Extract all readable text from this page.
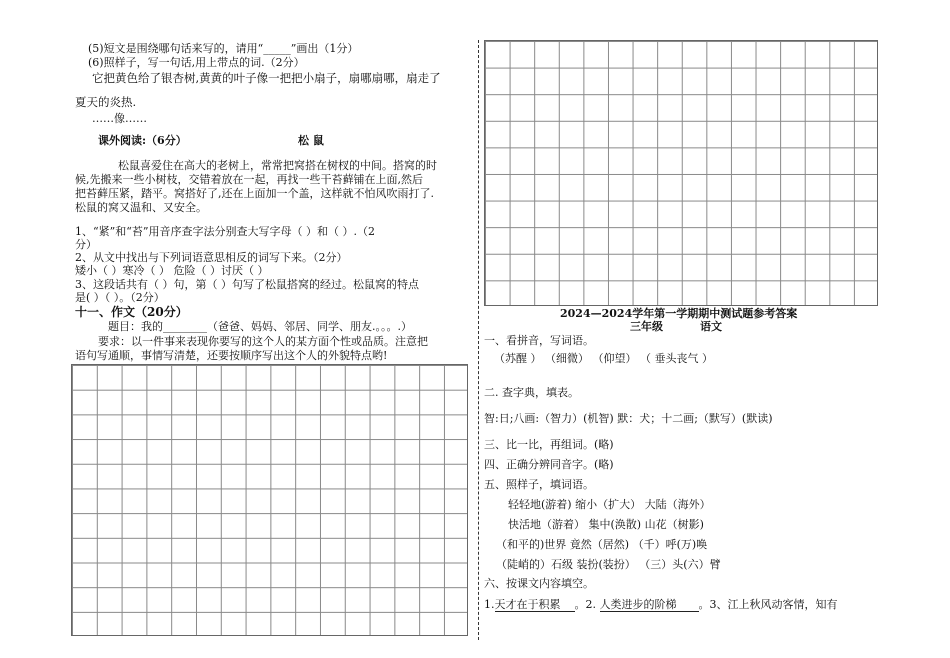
(5)短文是围绕哪句话来写的，请用“_____”画出（1分）
(6)照样子，写一句话,用上带点的词.（2分）
它把黄色给了银杏树,黄黄的叶子像一把把小扇子，扇哪扇哪，扇走了
夏天的炎热.
……像……
课外阅读:（6分）	松 鼠
松鼠喜爱住在高大的老树上，常常把窝搭在树杈的中间。搭窝的时
候,先搬来一些小树枝，交错着放在一起，再找一些干苔藓铺在上面,然后
把苔藓压紧，踏平。窝搭好了,还在上面加一个盖，这样就不怕风吹雨打了.
松鼠的窝又温和、又安全。
1、“紧”和“苔”用音序查字法分别查大写字母（ ）和（ ）.（2
分）
2、从文中找出与下列词语意思相反的词写下来。（2分）
矮小（ ）寒冷（ ） 危险（ ）讨厌（ ）
3、这段话共有（ ）句，第（ ）句写了松鼠搭窝的经过。松鼠窝的特点
是( ）（ ）。（2分）
十一、作文（20分）
题目：我的________（爸爸、妈妈、邻居、同学、朋友.。。。.）
要求：以一件事来表现你要写的这个人的某方面个性或品质。注意把
语句写通顺，事情写清楚，还要按顺序写出这个人的外貌特点哟!
2024—2024学年第一学期期中测试题参考答案
三年级	语文
一、看拼音，写词语。
（苏醒 ） （细微） （仰望） （ 垂头丧气 ）
二. 查字典，填表。
智:日;八画:（智力）(机智) 默：犬；十二画;（默写）(默读)
三、比一比，再组词。(略)
四、正确分辨同音字。(略)
五、照样子，填词语。
轻轻地(游着) 缩小（扩大） 大陆（海外）
快活地（游着） 集中(涣散) 山花（树影)
（和平的)世界 竟然（居然) （千）呼(万)唤
（陡峭的）石级 装扮(装扮） （三）头(六）臂
六、按课文内容填空。
1.天才在于积累 。2. 人类进步的阶梯 。3、江上秋风动客情，知有
